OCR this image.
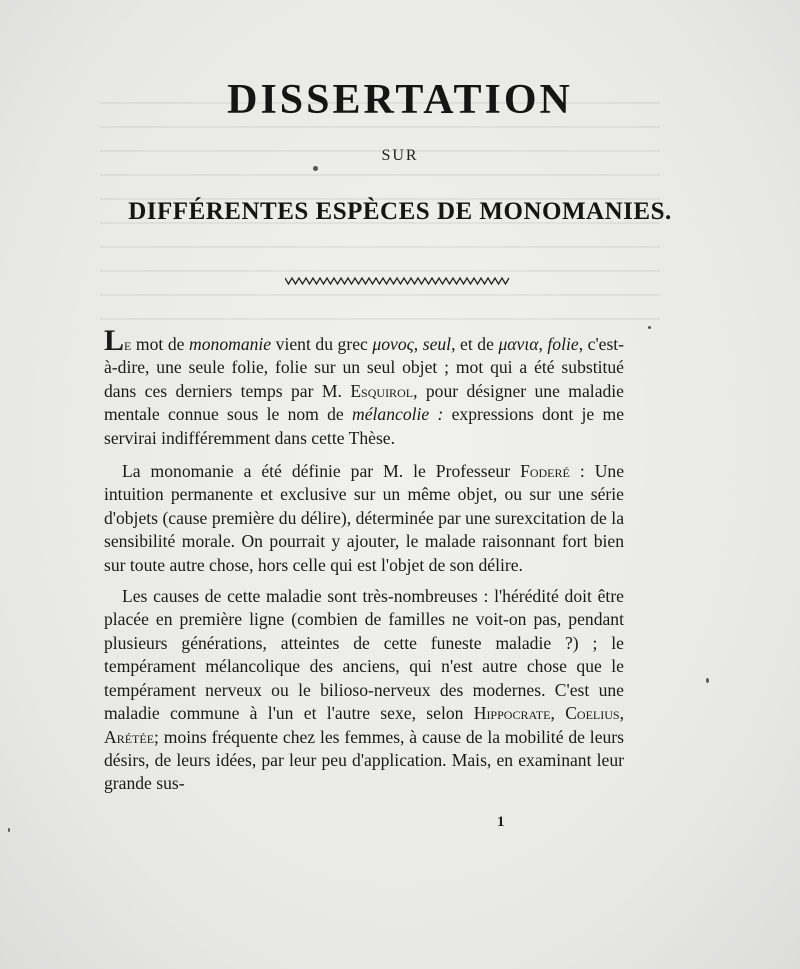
DISSERTATION
SUR
DIFFÉRENTES ESPÈCES DE MONOMANIES.

Le mot de monomanie vient du grec μονος, seul, et de μανια, folie, c'est-à-dire, une seule folie, folie sur un seul objet ; mot qui a été substitué dans ces derniers temps par M. Esquirol, pour désigner une maladie mentale connue sous le nom de mélancolie : expressions dont je me servirai indifféremment dans cette Thèse.

La monomanie a été définie par M. le Professeur Foderé : Une intuition permanente et exclusive sur un même objet, ou sur une série d'objets (cause première du délire), déterminée par une surexcitation de la sensibilité morale. On pourrait y ajouter, le malade raisonnant fort bien sur toute autre chose, hors celle qui est l'objet de son délire.

Les causes de cette maladie sont très-nombreuses : l'hérédité doit être placée en première ligne (combien de familles ne voit-on pas, pendant plusieurs générations, atteintes de cette funeste maladie ?) ; le tempérament mélancolique des anciens, qui n'est autre chose que le tempérament nerveux ou le bilioso-nerveux des modernes. C'est une maladie commune à l'un et l'autre sexe, selon Hippocrate, Coelius, Arétée; moins fréquente chez les femmes, à cause de la mobilité de leurs désirs, de leurs idées, par leur peu d'application. Mais, en examinant leur grande sus-

1
